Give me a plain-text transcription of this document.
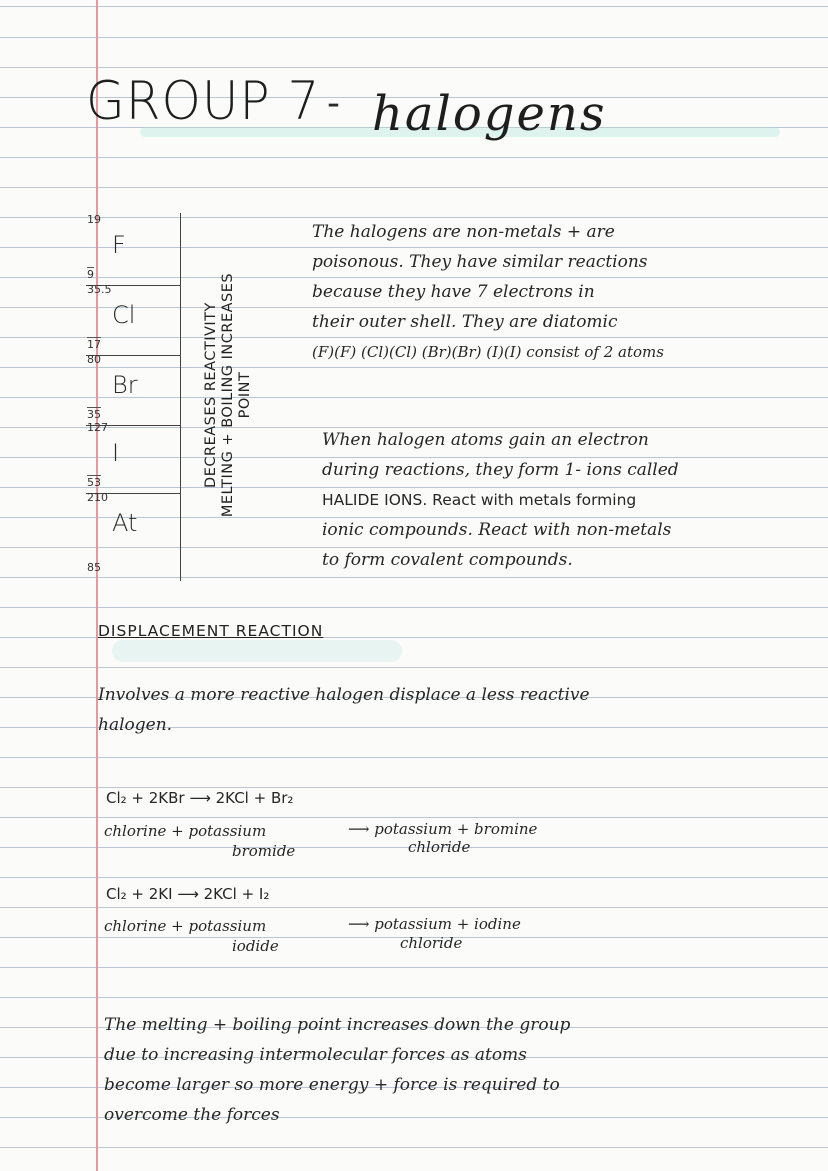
GROUP 7 - halogens
19
F
9
35.5
Cl
17
80
Br
35
127
I
53
210
At
85
DECREASES REACTIVITY MELTING + BOILING INCREASES POINT
The halogens are non-metals + are
poisonous. They have similar reactions
because they have 7 electrons in
their outer shell. They are diatomic
(F)(F) (Cl)(Cl) (Br)(Br) (I)(I) consist of 2 atoms
When halogen atoms gain an electron
during reactions, they form 1- ions called
HALIDE IONS. React with metals forming
ionic compounds. React with non-metals
to form covalent compounds.
DISPLACEMENT REACTION
Involves a more reactive halogen displace a less reactive
halogen.
Cl₂ + 2KBr ⟶ 2KCl + Br₂
chlorine + potassium
bromide
⟶ potassium + bromine
chloride
Cl₂ + 2KI ⟶ 2KCl + I₂
chlorine + potassium
iodide
⟶ potassium + iodine
chloride
The melting + boiling point increases down the group
due to increasing intermolecular forces as atoms
become larger so more energy + force is required to
overcome the forces
